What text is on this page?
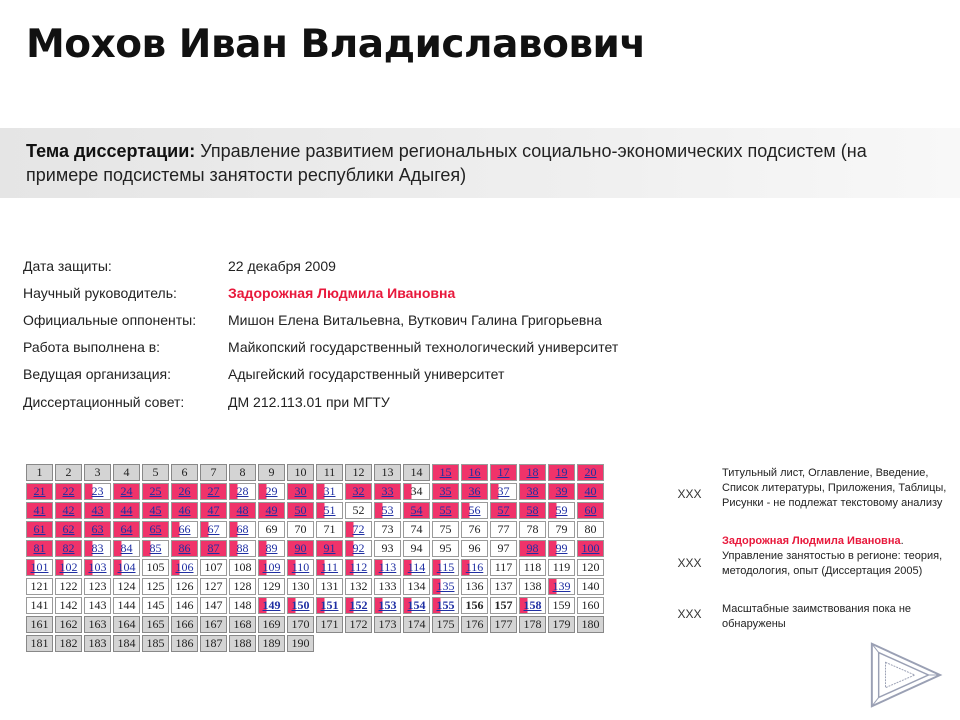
Мохов Иван Владиславович
Тема диссертации: Управление развитием региональных социально-экономических подсистем (на примере подсистемы занятости республики Адыгея)
Дата защиты:	22 декабря 2009
Научный руководитель:	Задорожная Людмила Ивановна
Официальные оппоненты:	Мишон Елена Витальевна, Вуткович Галина Григорьевна
Работа выполнена в:	Майкопский государственный технологический университет
Ведущая организация:	Адыгейский государственный университет
Диссертационный совет:	ДМ 212.113.01 при МГТУ
1	2	3	4	5	6	7	8	9	10	11	12	13	14	15	16	17	18	19	20
21	22	23	24	25	26	27	28	29	30	31	32	33	34	35	36	37	38	39	40
41	42	43	44	45	46	47	48	49	50	51	52	53	54	55	56	57	58	59	60
61	62	63	64	65	66	67	68	69	70	71	72	73	74	75	76	77	78	79	80
81	82	83	84	85	86	87	88	89	90	91	92	93	94	95	96	97	98	99	100
101	102	103	104	105	106	107	108	109	110	111	112	113	114	115	116	117	118	119	120
121	122	123	124	125	126	127	128	129	130	131	132	133	134	135	136	137	138	139	140
141	142	143	144	145	146	147	148	149	150	151	152	153	154	155	156	157	158	159	160
161	162	163	164	165	166	167	168	169	170	171	172	173	174	175	176	177	178	179	180
181	182	183	184	185	186	187	188	189	190										
XXX
Титульный лист, Оглавление, Введение, Список литературы, Приложения, Таблицы, Рисунки - не подлежат текстовому анализу
XXX
Задорожная Людмила Ивановна. Управление занятостью в регионе: теория, методология, опыт (Диссертация 2005)
XXX	Масштабные заимствования пока не обнаружены
